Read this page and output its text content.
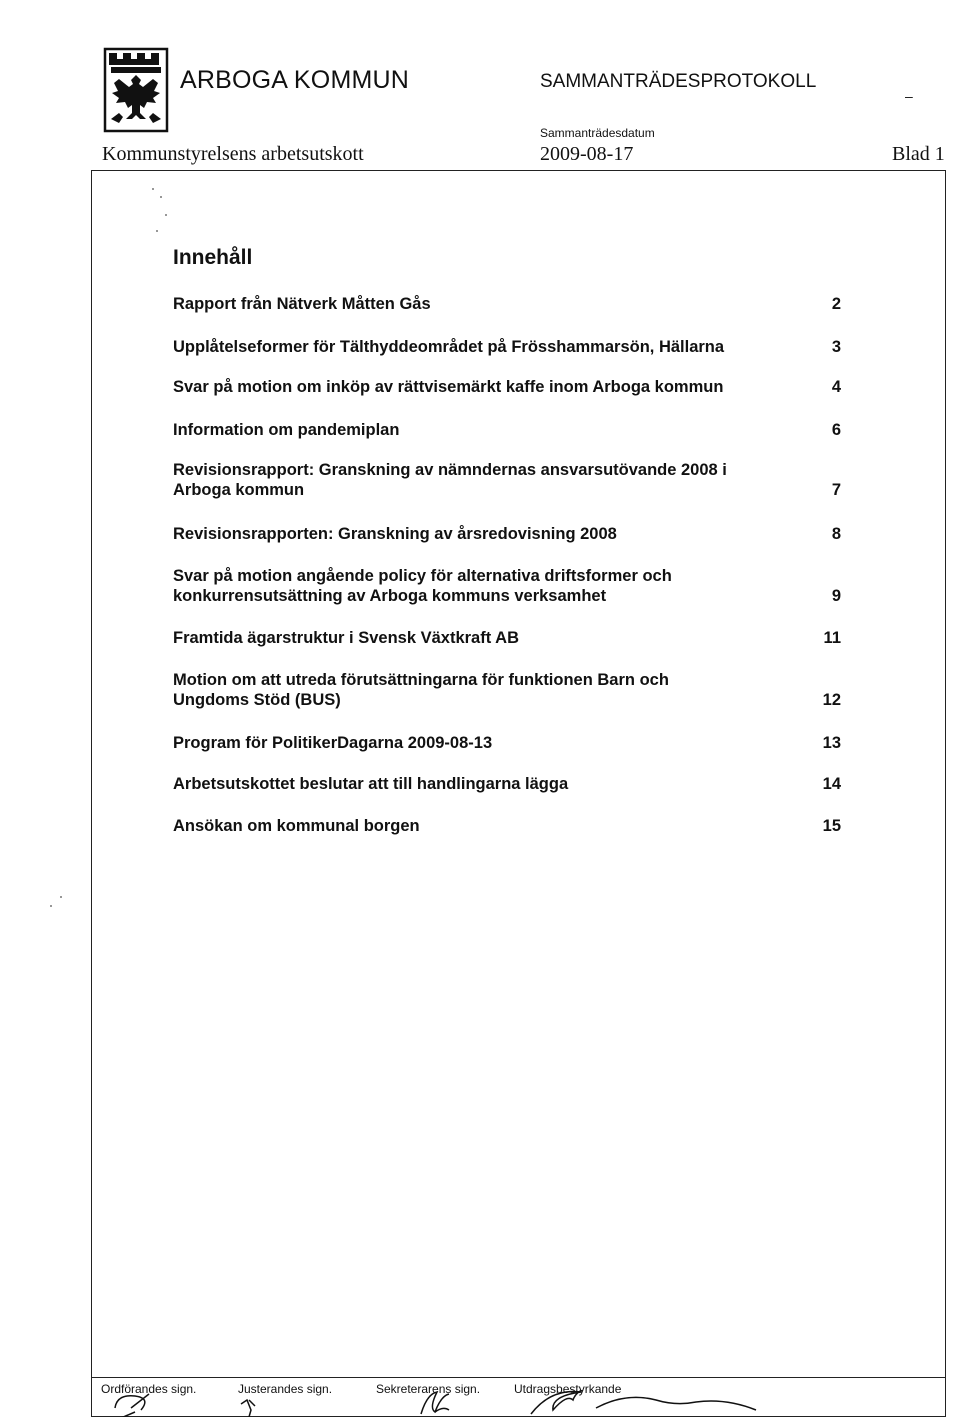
ARBOGA KOMMUN	SAMMANTRÄDESPROTOKOLL
–
Kommunstyrelsens arbetsutskott
Sammanträdesdatum
2009-08-17	Blad 1
Innehåll
Rapport från Nätverk Måtten Gås	2
Upplåtelseformer för Tälthyddeområdet på Frösshammarsön, Hällarna	3
Svar på motion om inköp av rättvisemärkt kaffe inom Arboga kommun	4
Information om pandemiplan	6
Revisionsrapport: Granskning av nämndernas ansvarsutövande 2008 i Arboga kommun	7
Revisionsrapporten: Granskning av årsredovisning 2008	8
Svar på motion angående policy för alternativa driftsformer och konkurrensutsättning av Arboga kommuns verksamhet	9
Framtida ägarstruktur i Svensk Växtkraft AB	11
Motion om att utreda förutsättningarna för funktionen Barn och Ungdoms Stöd (BUS)	12
Program för PolitikerDagarna 2009-08-13	13
Arbetsutskottet beslutar att till handlingarna lägga	14
Ansökan om kommunal borgen	15
Ordförandes sign.	Justerandes sign.	Sekreterarens sign.	Utdragsbestyrkande
